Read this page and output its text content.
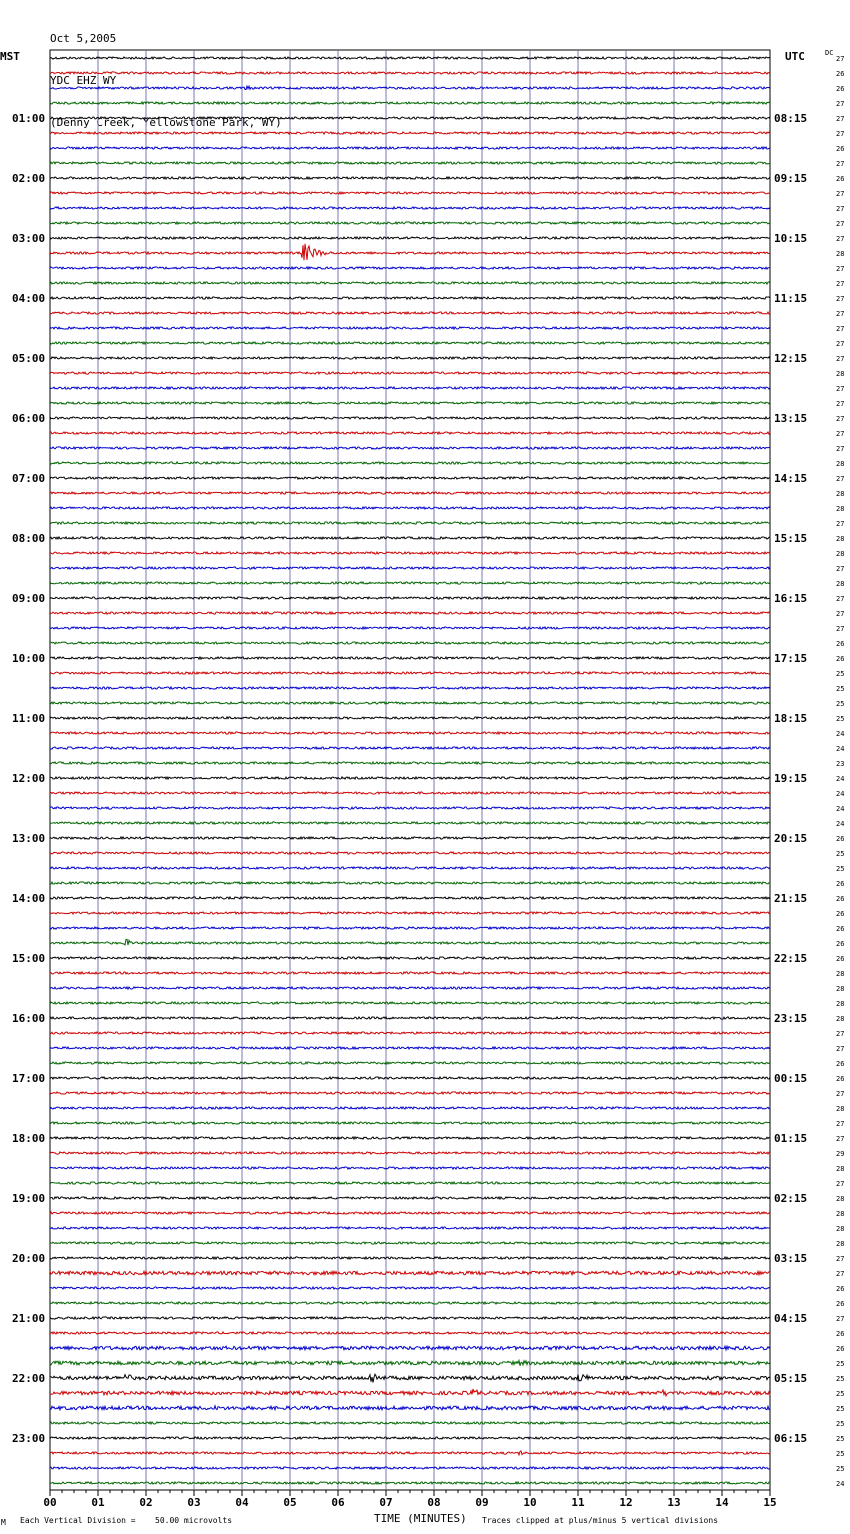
Oct 5,2005

YDC EHZ WY

(Denny Creek, Yellowstone Park, WY)

MST	UTC	DC
27
26
26
27
27
27
26
27
26
27
27
27
27
28
27
27
27
27
27
27
27
28
27
27
27
27
27
28
27
28
28
27
28
28
27
28
27
27
27
26
26
25
25
25
25
24
24
23
24
24
24
24
26
25
25
26
26
26
26
26
26
28
28
28
28
27
27
26
26
27
28
27
27
29
28
27
28
28
28
28
27
27
26
26
27
26
26
25
25
25
25
25
25
25
25
24
01:00	08:15
02:00	09:15
03:00	10:15
04:00	11:15
05:00	12:15
06:00	13:15
07:00	14:15
08:00	15:15
09:00	16:15
10:00	17:15
11:00	18:15
12:00	19:15
13:00	20:15
14:00	21:15
15:00	22:15
16:00	23:15
17:00	00:15
18:00	01:15
19:00	02:15
20:00	03:15
21:00	04:15
22:00	05:15
23:00	06:15
00	01	02	03	04	05	06	07	08	09	10	11	12	13	14	15
M Each Vertical Division = 50.00 microvolts	TIME (MINUTES) Traces clipped at plus/minus 5 vertical divisions
